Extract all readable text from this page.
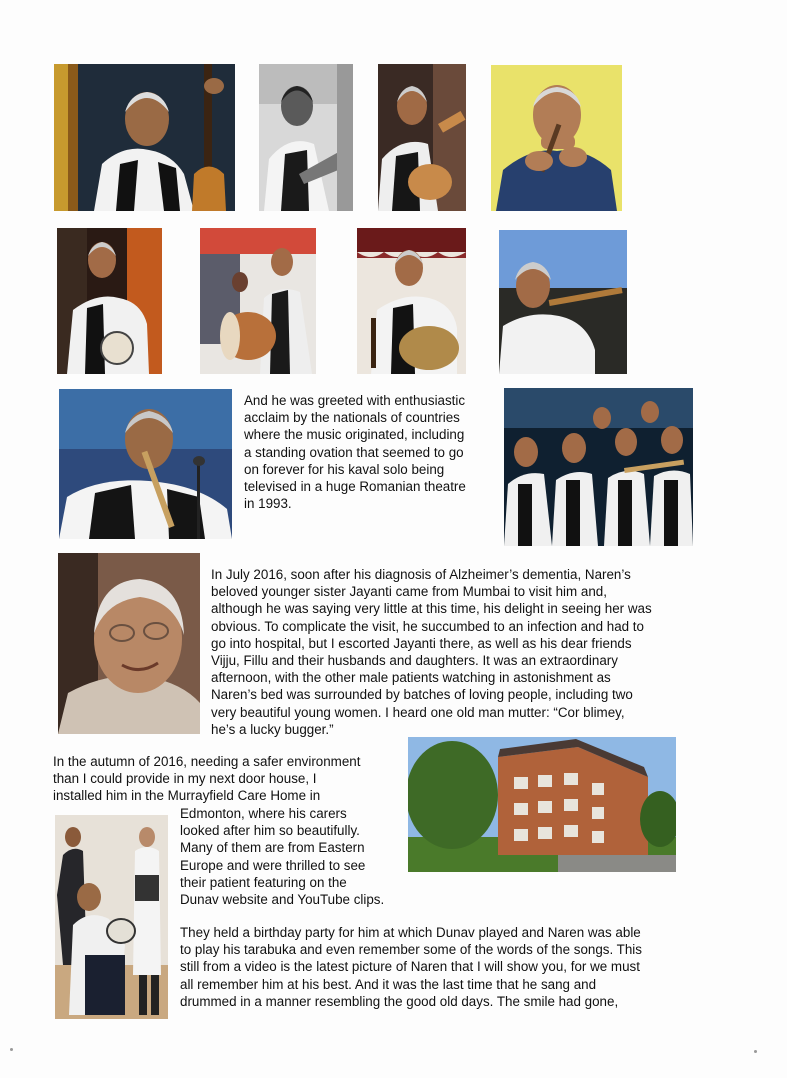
And he was greeted with enthusiastic
acclaim by the nationals of countries
where the music originated, including
a standing ovation that seemed to go
on forever for his kaval solo being
televised in a huge Romanian theatre
in 1993.
In July 2016, soon after his diagnosis of Alzheimer’s dementia, Naren’s
beloved younger sister Jayanti came from Mumbai to visit him and,
although he was saying very little at this time, his delight in seeing her was
obvious. To complicate the visit, he succumbed to an infection and had to
go into hospital, but I escorted Jayanti there, as well as his dear friends
Vijju, Fillu and their husbands and daughters. It was an extraordinary
afternoon, with the other male patients watching in astonishment as
Naren’s bed was surrounded by batches of loving people, including two
very beautiful young women. I heard one old man mutter: “Cor blimey,
he’s a lucky bugger.”
In the autumn of 2016, needing a safer environment
than I could provide in my next door house, I
installed him in the Murrayfield Care Home in
Edmonton, where his carers
looked after him so beautifully.
Many of them are from Eastern
Europe and were thrilled to see
their patient featuring on the
Dunav website and YouTube clips.
They held a birthday party for him at which Dunav played and Naren was able
to play his tarabuka and even remember some of the words of the songs. This
still from a video is the latest picture of Naren that I will show you, for we must
all remember him at his best. And it was the last time that he sang and
drummed in a manner resembling the good old days. The smile had gone,
